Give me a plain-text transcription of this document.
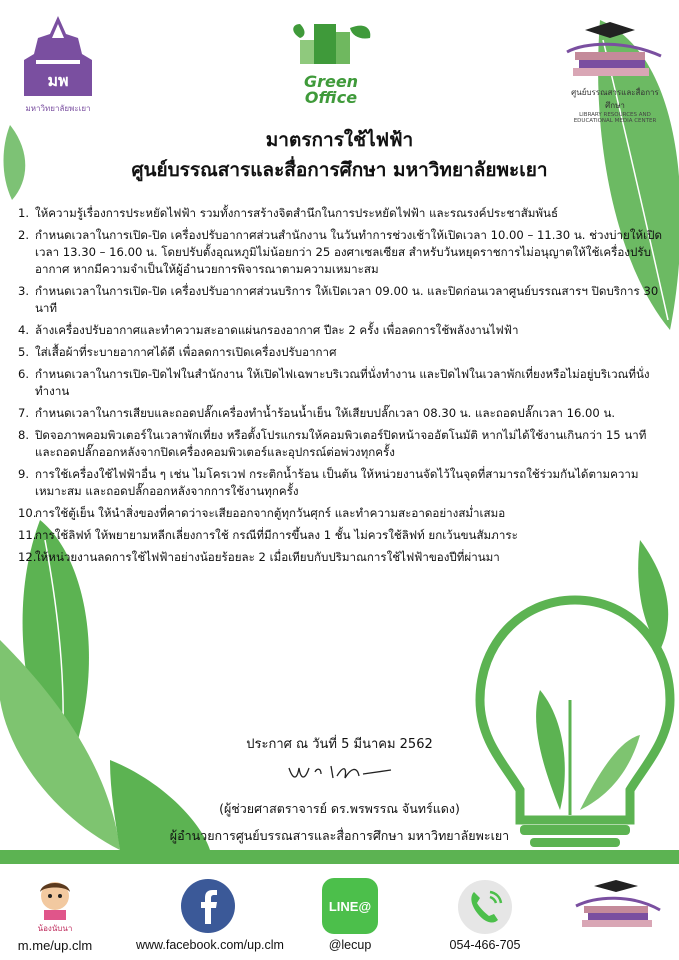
มพ
มหาวิทยาลัยพะเยา
Green
Office	ศูนย์บรรณสารและสื่อการศึกษา
LIBRARY RESOURCES AND EDUCATIONAL MEDIA CENTER
มาตรการใช้ไฟฟ้า
ศูนย์บรรณสารและสื่อการศึกษา มหาวิทยาลัยพะเยา
1. ให้ความรู้เรื่องการประหยัดไฟฟ้า รวมทั้งการสร้างจิตสำนึกในการประหยัดไฟฟ้า และรณรงค์ประชาสัมพันธ์
2. กำหนดเวลาในการเปิด-ปิด เครื่องปรับอากาศส่วนสำนักงาน ในวันทำการช่วงเช้าให้เปิดเวลา 10.00 – 11.30 น. ช่วงบ่ายให้เปิดเวลา 13.30 – 16.00 น. โดยปรับตั้งอุณหภูมิไม่น้อยกว่า 25 องศาเซลเซียส สำหรับวันหยุดราชการไม่อนุญาตให้ใช้เครื่องปรับอากาศ หากมีความจำเป็นให้ผู้อำนวยการพิจารณาตามความเหมาะสม
3. กำหนดเวลาในการเปิด-ปิด เครื่องปรับอากาศส่วนบริการ ให้เปิดเวลา 09.00 น. และปิดก่อนเวลาศูนย์บรรณสารฯ ปิดบริการ 30 นาที
4. ล้างเครื่องปรับอากาศและทำความสะอาดแผ่นกรองอากาศ ปีละ 2 ครั้ง เพื่อลดการใช้พลังงานไฟฟ้า
5. ใส่เสื้อผ้าที่ระบายอากาศได้ดี เพื่อลดการเปิดเครื่องปรับอากาศ
6. กำหนดเวลาในการเปิด-ปิดไฟในสำนักงาน ให้เปิดไฟเฉพาะบริเวณที่นั่งทำงาน และปิดไฟในเวลาพักเที่ยงหรือไม่อยู่บริเวณที่นั่งทำงาน
7. กำหนดเวลาในการเสียบและถอดปลั๊กเครื่องทำน้ำร้อนน้ำเย็น ให้เสียบปลั๊กเวลา 08.30 น. และถอดปลั๊กเวลา 16.00 น.
8. ปิดจอภาพคอมพิวเตอร์ในเวลาพักเที่ยง หรือตั้งโปรแกรมให้คอมพิวเตอร์ปิดหน้าจออัตโนมัติ หากไม่ได้ใช้งานเกินกว่า 15 นาที และถอดปลั๊กออกหลังจากปิดเครื่องคอมพิวเตอร์และอุปกรณ์ต่อพ่วงทุกครั้ง
9. การใช้เครื่องใช้ไฟฟ้าอื่น ๆ เช่น ไมโครเวฟ กระติกน้ำร้อน เป็นต้น ให้หน่วยงานจัดไว้ในจุดที่สามารถใช้ร่วมกันได้ตามความเหมาะสม และถอดปลั๊กออกหลังจากการใช้งานทุกครั้ง
10.
การใช้ตู้เย็น ให้นำสิ่งของที่คาดว่าจะเสียออกจากตู้ทุกวันศุกร์ และทำความสะอาดอย่างสม่ำเสมอ
11.
การใช้ลิฟท์ ให้พยายามหลีกเลี่ยงการใช้ กรณีที่มีการขึ้นลง 1 ชั้น ไม่ควรใช้ลิฟท์ ยกเว้นขนสัมภาระ
12.
ให้หน่วยงานลดการใช้ไฟฟ้าอย่างน้อยร้อยละ 2 เมื่อเทียบกับปริมาณการใช้ไฟฟ้าของปีที่ผ่านมา
ประกาศ ณ วันที่ 5 มีนาคม 2562
(ผู้ช่วยศาสตราจารย์ ดร.พรพรรณ จันทร์แดง)
ผู้อำนวยการศูนย์บรรณสารและสื่อการศึกษา มหาวิทยาลัยพะเยา
น้องนับนา
m.me/up.clm	www.facebook.com/up.clm
LINE@
@lecup	054-466-705
